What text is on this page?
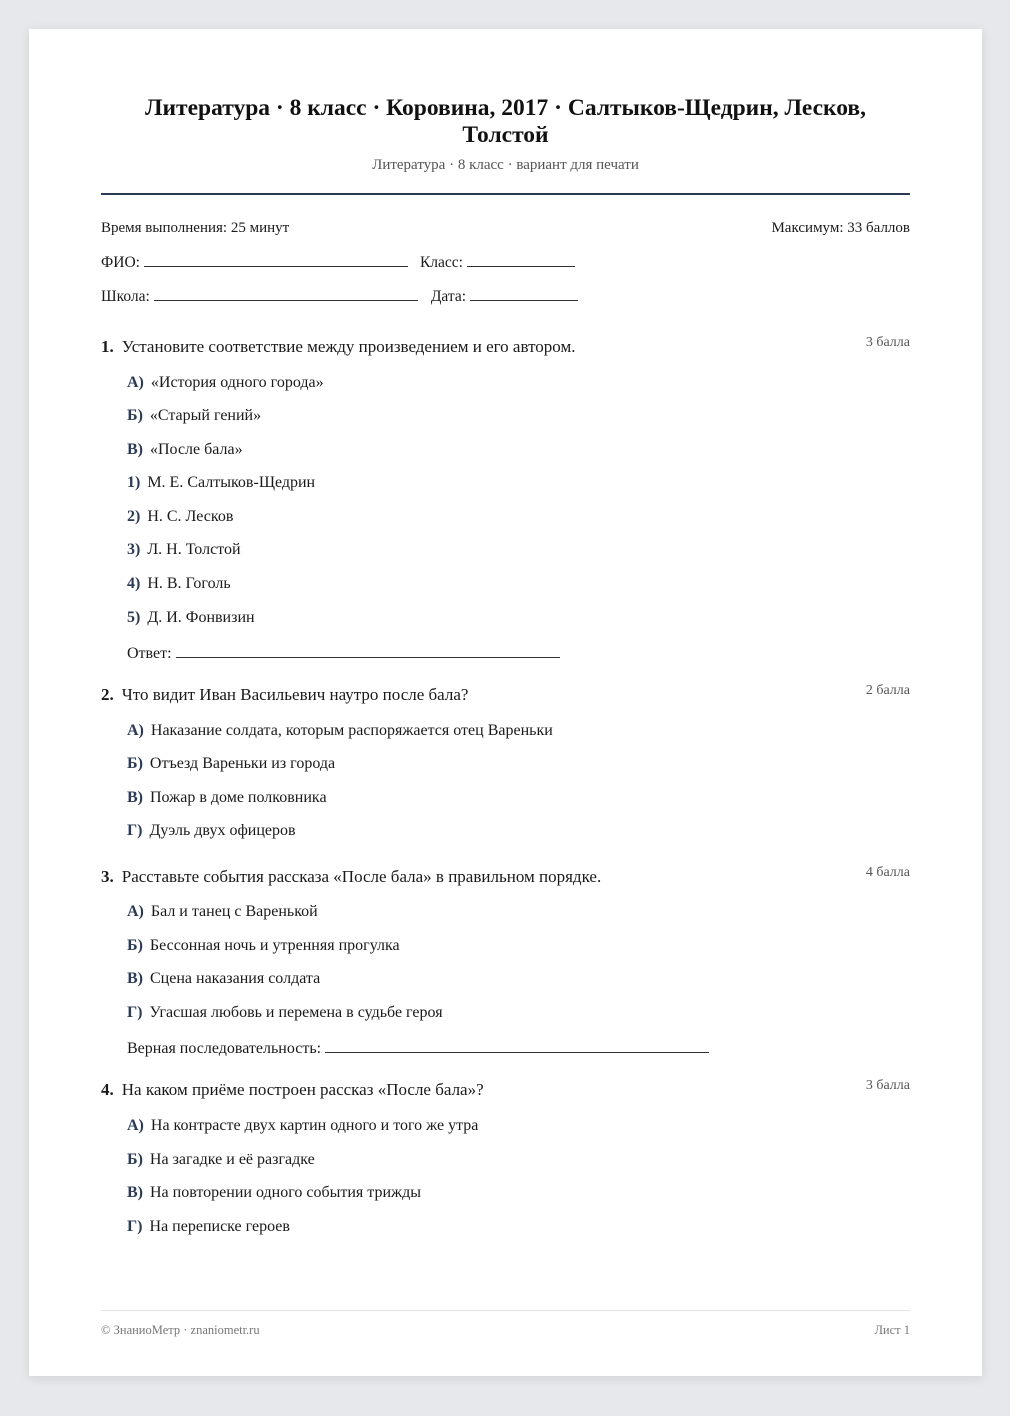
Литература · 8 класс · Коровина, 2017 · Салтыков-Щедрин, Лесков, Толстой
Литература · 8 класс · вариант для печати
Время выполнения: 25 минут	Максимум: 33 баллов
ФИО:	Класс:
Школа:	Дата:
1. Установите соответствие между произведением и его автором.	3 балла
А) «История одного города»
Б) «Старый гений»
В) «После бала»
1) М. Е. Салтыков-Щедрин
2) Н. С. Лесков
3) Л. Н. Толстой
4) Н. В. Гоголь
5) Д. И. Фонвизин
Ответ:
2. Что видит Иван Васильевич наутро после бала?	2 балла
А) Наказание солдата, которым распоряжается отец Вареньки
Б) Отъезд Вареньки из города
В) Пожар в доме полковника
Г) Дуэль двух офицеров
3. Расставьте события рассказа «После бала» в правильном порядке.	4 балла
А) Бал и танец с Варенькой
Б) Бессонная ночь и утренняя прогулка
В) Сцена наказания солдата
Г) Угасшая любовь и перемена в судьбе героя
Верная последовательность:
4. На каком приёме построен рассказ «После бала»?	3 балла
А) На контрасте двух картин одного и того же утра
Б) На загадке и её разгадке
В) На повторении одного события трижды
Г) На переписке героев
© ЗнаниоМетр · znaniometr.ru	Лист 1
